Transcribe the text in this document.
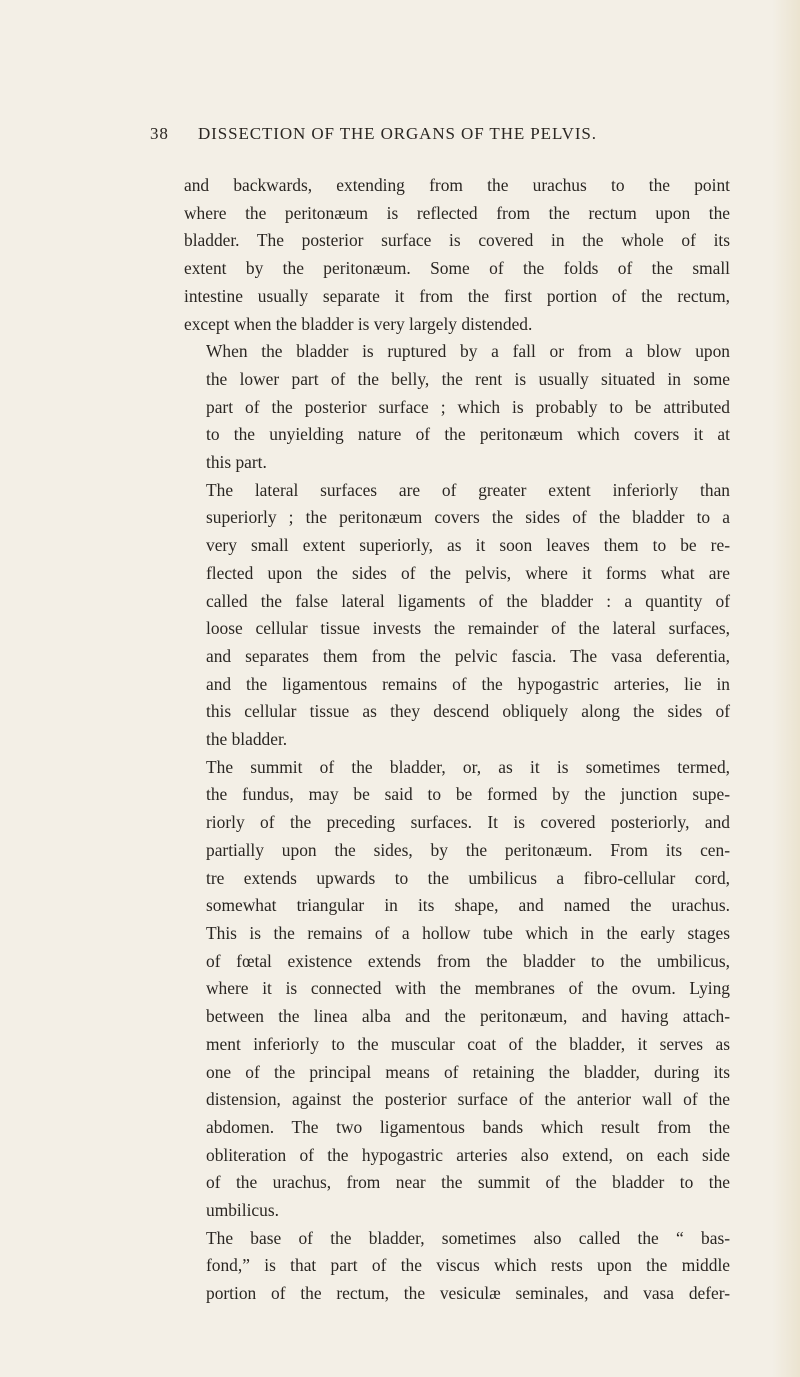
38 DISSECTION OF THE ORGANS OF THE PELVIS.

and backwards, extending from the urachus to the point
where the peritonæum is reflected from the rectum upon the
bladder. The posterior surface is covered in the whole of its
extent by the peritonæum. Some of the folds of the small
intestine usually separate it from the first portion of the rectum,
except when the bladder is very largely distended.

When the bladder is ruptured by a fall or from a blow upon
the lower part of the belly, the rent is usually situated in some
part of the posterior surface ; which is probably to be attributed
to the unyielding nature of the peritonæum which covers it at
this part.

The lateral surfaces are of greater extent inferiorly than
superiorly ; the peritonæum covers the sides of the bladder to a
very small extent superiorly, as it soon leaves them to be re-
flected upon the sides of the pelvis, where it forms what are
called the false lateral ligaments of the bladder : a quantity of
loose cellular tissue invests the remainder of the lateral surfaces,
and separates them from the pelvic fascia. The vasa deferentia,
and the ligamentous remains of the hypogastric arteries, lie in
this cellular tissue as they descend obliquely along the sides of
the bladder.

The summit of the bladder, or, as it is sometimes termed,
the fundus, may be said to be formed by the junction supe-
riorly of the preceding surfaces. It is covered posteriorly, and
partially upon the sides, by the peritonæum. From its cen-
tre extends upwards to the umbilicus a fibro-cellular cord,
somewhat triangular in its shape, and named the urachus.
This is the remains of a hollow tube which in the early stages
of fœtal existence extends from the bladder to the umbilicus,
where it is connected with the membranes of the ovum. Lying
between the linea alba and the peritonæum, and having attach-
ment inferiorly to the muscular coat of the bladder, it serves as
one of the principal means of retaining the bladder, during its
distension, against the posterior surface of the anterior wall of the
abdomen. The two ligamentous bands which result from the
obliteration of the hypogastric arteries also extend, on each side
of the urachus, from near the summit of the bladder to the
umbilicus.

The base of the bladder, sometimes also called the “ bas-
fond,” is that part of the viscus which rests upon the middle
portion of the rectum, the vesiculæ seminales, and vasa defer-
